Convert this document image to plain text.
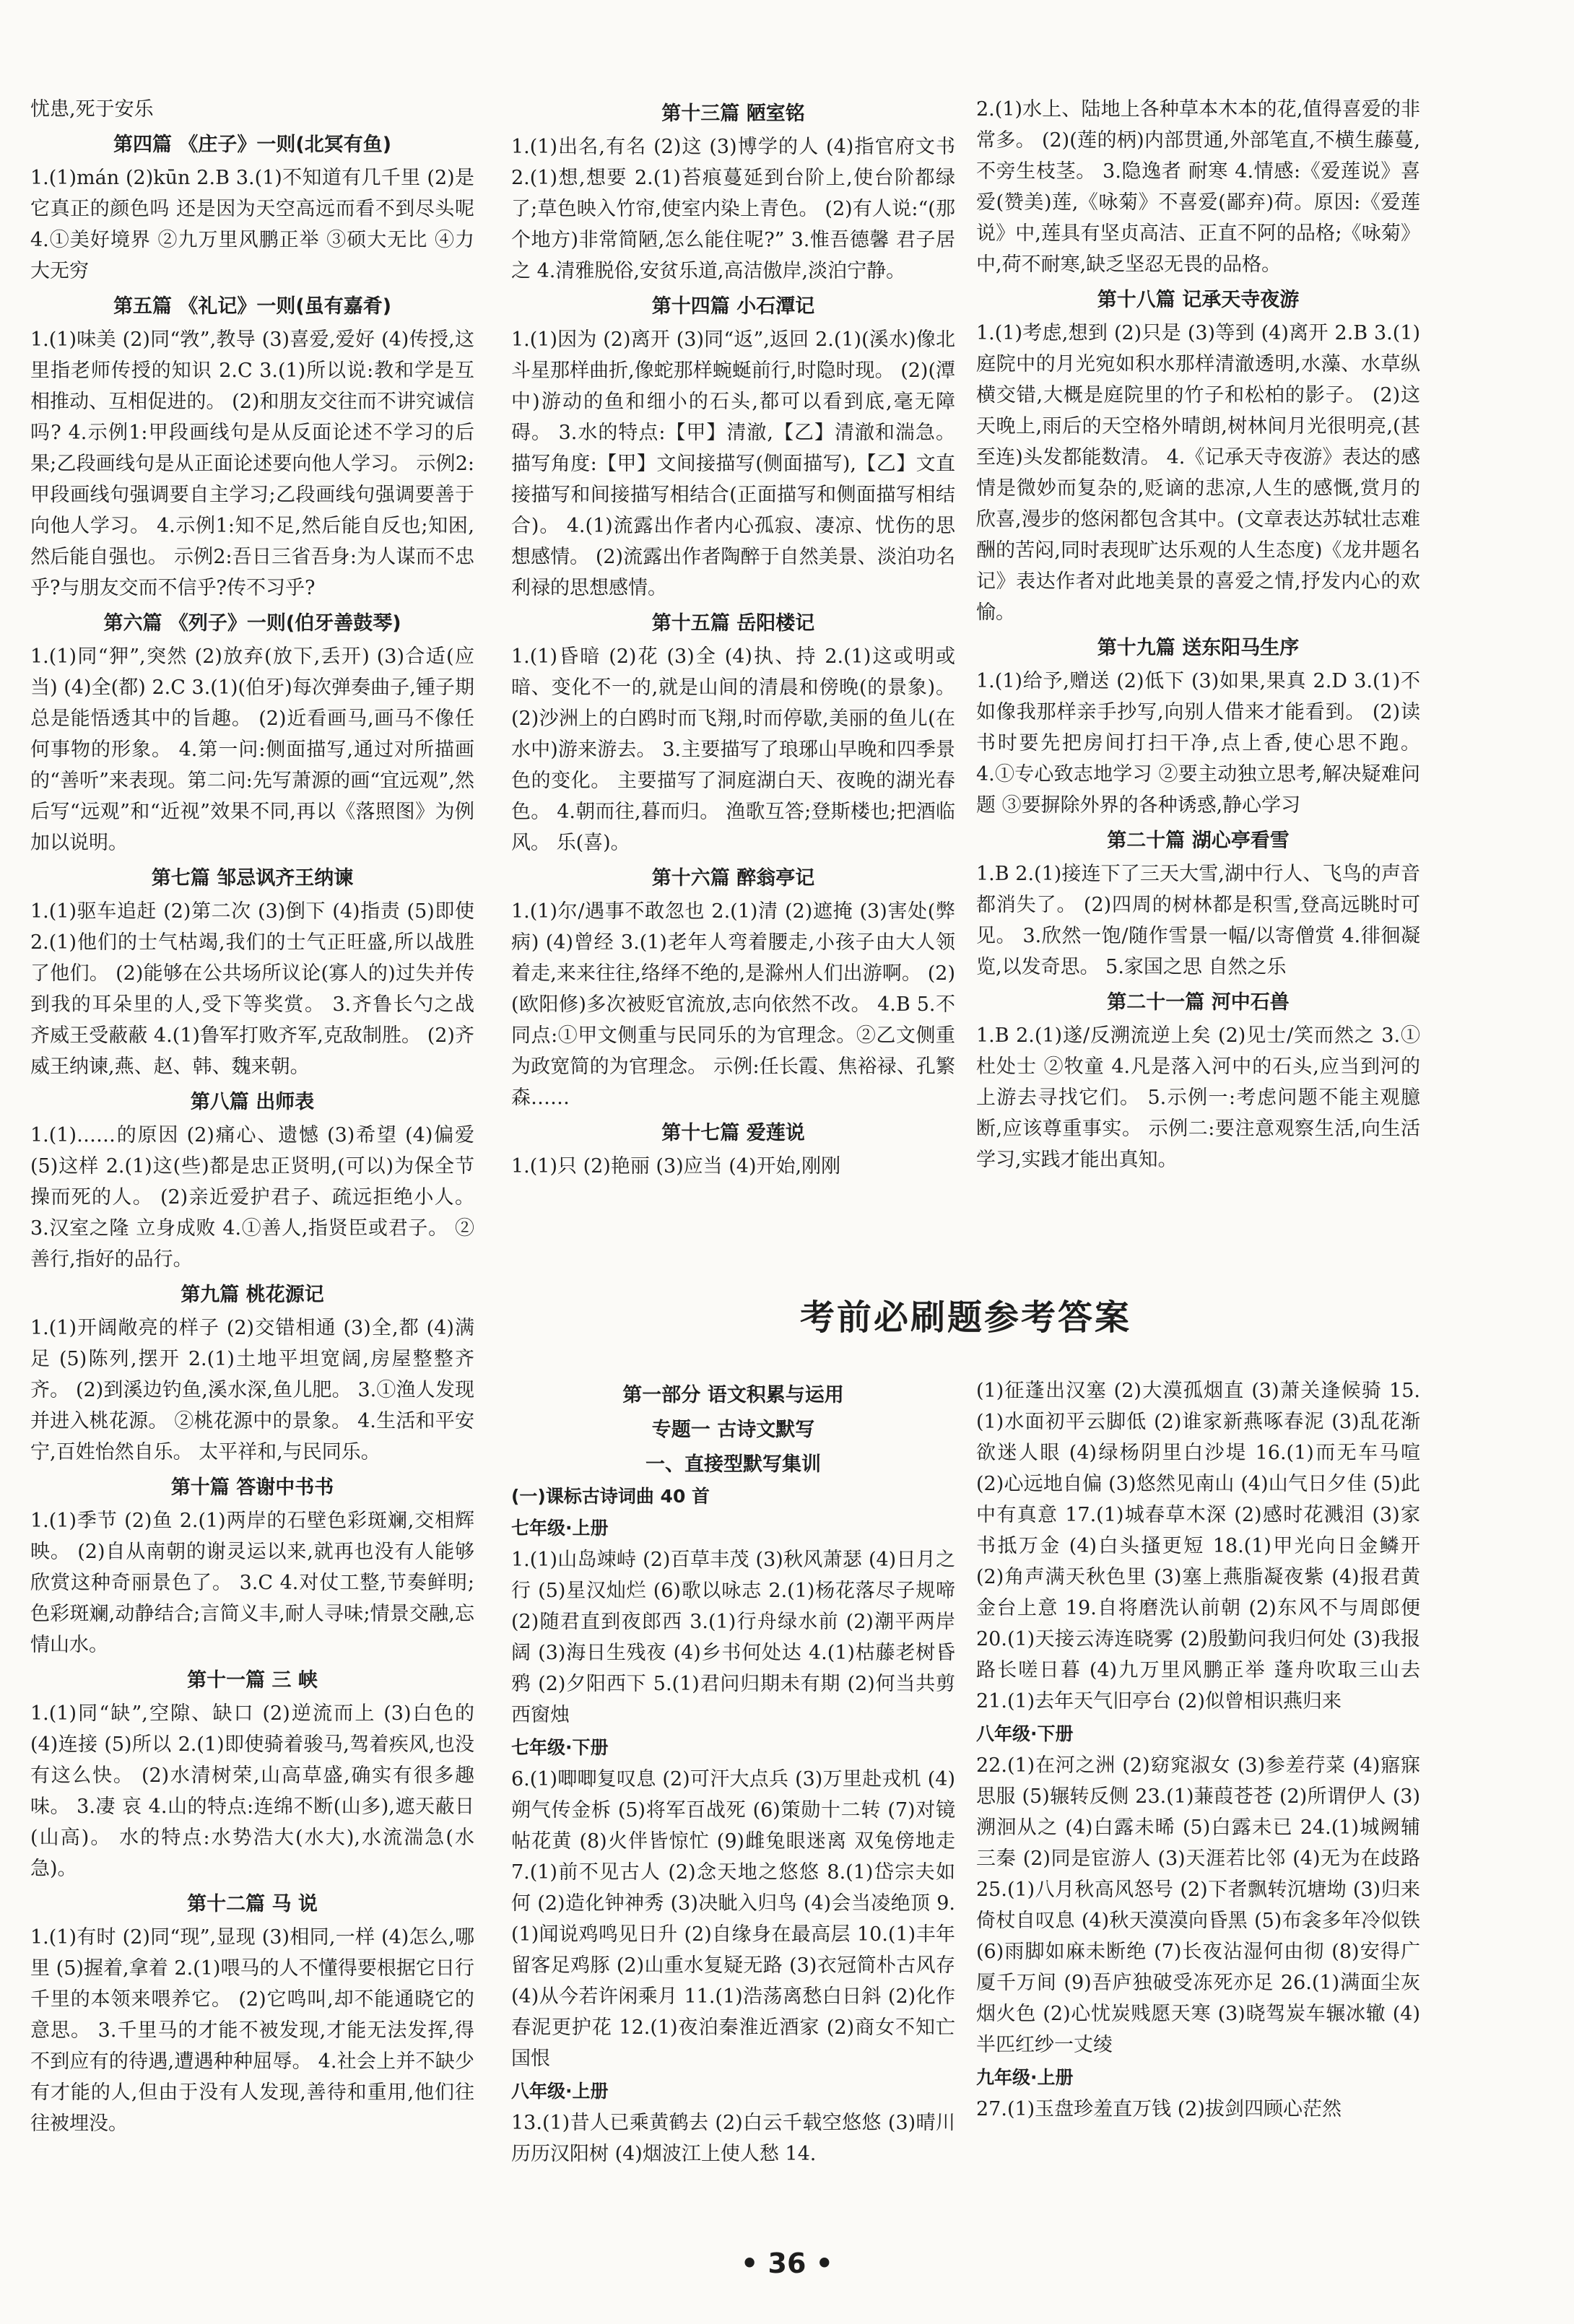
忧患,死于安乐

第四篇 《庄子》一则(北冥有鱼)

1.(1)mán (2)kūn 2.B 3.(1)不知道有几千里 (2)是它真正的颜色吗 还是因为天空高远而看不到尽头呢 4.①美好境界 ②九万里风鹏正举 ③硕大无比 ④力大无穷

第五篇 《礼记》一则(虽有嘉肴)

1.(1)味美 (2)同“敩”,教导 (3)喜爱,爱好 (4)传授,这里指老师传授的知识 2.C 3.(1)所以说:教和学是互相推动、互相促进的。 (2)和朋友交往而不讲究诚信吗? 4.示例1:甲段画线句是从反面论述不学习的后果;乙段画线句是从正面论述要向他人学习。 示例2:甲段画线句强调要自主学习;乙段画线句强调要善于向他人学习。 4.示例1:知不足,然后能自反也;知困,然后能自强也。 示例2:吾日三省吾身:为人谋而不忠乎?与朋友交而不信乎?传不习乎?

第六篇 《列子》一则(伯牙善鼓琴)

1.(1)同“狎”,突然 (2)放弃(放下,丢开) (3)合适(应当) (4)全(都) 2.C 3.(1)(伯牙)每次弹奏曲子,锺子期总是能悟透其中的旨趣。 (2)近看画马,画马不像任何事物的形象。 4.第一问:侧面描写,通过对所描画的“善听”来表现。第二问:先写萧源的画“宜远观”,然后写“远观”和“近视”效果不同,再以《落照图》为例加以说明。

第七篇 邹忌讽齐王纳谏

1.(1)驱车追赶 (2)第二次 (3)倒下 (4)指责 (5)即使 2.(1)他们的士气枯竭,我们的士气正旺盛,所以战胜了他们。 (2)能够在公共场所议论(寡人的)过失并传到我的耳朵里的人,受下等奖赏。 3.齐鲁长勺之战 齐威王受蔽蔽 4.(1)鲁军打败齐军,克敌制胜。 (2)齐威王纳谏,燕、赵、韩、魏来朝。

第八篇 出师表

1.(1)……的原因 (2)痛心、遗憾 (3)希望 (4)偏爱 (5)这样 2.(1)这(些)都是忠正贤明,(可以)为保全节操而死的人。 (2)亲近爱护君子、疏远拒绝小人。 3.汉室之隆 立身成败 4.①善人,指贤臣或君子。 ②善行,指好的品行。

第九篇 桃花源记

1.(1)开阔敞亮的样子 (2)交错相通 (3)全,都 (4)满足 (5)陈列,摆开 2.(1)土地平坦宽阔,房屋整整齐齐。 (2)到溪边钓鱼,溪水深,鱼儿肥。 3.①渔人发现并进入桃花源。 ②桃花源中的景象。 4.生活和平安宁,百姓怡然自乐。 太平祥和,与民同乐。

第十篇 答谢中书书

1.(1)季节 (2)鱼 2.(1)两岸的石壁色彩斑斓,交相辉映。 (2)自从南朝的谢灵运以来,就再也没有人能够欣赏这种奇丽景色了。 3.C 4.对仗工整,节奏鲜明;色彩斑斓,动静结合;言简义丰,耐人寻味;情景交融,忘情山水。

第十一篇 三 峡

1.(1)同“缺”,空隙、缺口 (2)逆流而上 (3)白色的 (4)连接 (5)所以 2.(1)即使骑着骏马,驾着疾风,也没有这么快。 (2)水清树荣,山高草盛,确实有很多趣味。 3.凄 哀 4.山的特点:连绵不断(山多),遮天蔽日(山高)。 水的特点:水势浩大(水大),水流湍急(水急)。

第十二篇 马 说

1.(1)有时 (2)同“现”,显现 (3)相同,一样 (4)怎么,哪里 (5)握着,拿着 2.(1)喂马的人不懂得要根据它日行千里的本领来喂养它。 (2)它鸣叫,却不能通晓它的意思。 3.千里马的才能不被发现,才能无法发挥,得不到应有的待遇,遭遇种种屈辱。 4.社会上并不缺少有才能的人,但由于没有人发现,善待和重用,他们往往被埋没。

第十三篇 陋室铭

1.(1)出名,有名 (2)这 (3)博学的人 (4)指官府文书 2.(1)想,想要 2.(1)苔痕蔓延到台阶上,使台阶都绿了;草色映入竹帘,使室内染上青色。 (2)有人说:“(那个地方)非常简陋,怎么能住呢?” 3.惟吾德馨 君子居之 4.清雅脱俗,安贫乐道,高洁傲岸,淡泊宁静。

第十四篇 小石潭记

1.(1)因为 (2)离开 (3)同“返”,返回 2.(1)(溪水)像北斗星那样曲折,像蛇那样蜿蜒前行,时隐时现。 (2)(潭中)游动的鱼和细小的石头,都可以看到底,毫无障碍。 3.水的特点:【甲】清澈,【乙】清澈和湍急。 描写角度:【甲】文间接描写(侧面描写),【乙】文直接描写和间接描写相结合(正面描写和侧面描写相结合)。 4.(1)流露出作者内心孤寂、凄凉、忧伤的思想感情。 (2)流露出作者陶醉于自然美景、淡泊功名利禄的思想感情。

第十五篇 岳阳楼记

1.(1)昏暗 (2)花 (3)全 (4)执、持 2.(1)这或明或暗、变化不一的,就是山间的清晨和傍晚(的景象)。 (2)沙洲上的白鸥时而飞翔,时而停歇,美丽的鱼儿(在水中)游来游去。 3.主要描写了琅琊山早晚和四季景色的变化。 主要描写了洞庭湖白天、夜晚的湖光春色。 4.朝而往,暮而归。 渔歌互答;登斯楼也;把酒临风。 乐(喜)。

第十六篇 醉翁亭记

1.(1)尔/遇事不敢忽也 2.(1)清 (2)遮掩 (3)害处(弊病) (4)曾经 3.(1)老年人弯着腰走,小孩子由大人领着走,来来往往,络绎不绝的,是滁州人们出游啊。 (2)(欧阳修)多次被贬官流放,志向依然不改。 4.B 5.不同点:①甲文侧重与民同乐的为官理念。②乙文侧重为政宽简的为官理念。 示例:任长霞、焦裕禄、孔繁森……

第十七篇 爱莲说

1.(1)只 (2)艳丽 (3)应当 (4)开始,刚刚

2.(1)水上、陆地上各种草本木本的花,值得喜爱的非常多。 (2)(莲的柄)内部贯通,外部笔直,不横生藤蔓,不旁生枝茎。 3.隐逸者 耐寒 4.情感:《爱莲说》喜爱(赞美)莲,《咏菊》不喜爱(鄙弃)荷。原因:《爱莲说》中,莲具有坚贞高洁、正直不阿的品格;《咏菊》中,荷不耐寒,缺乏坚忍无畏的品格。

第十八篇 记承天寺夜游

1.(1)考虑,想到 (2)只是 (3)等到 (4)离开 2.B 3.(1)庭院中的月光宛如积水那样清澈透明,水藻、水草纵横交错,大概是庭院里的竹子和松柏的影子。 (2)这天晚上,雨后的天空格外晴朗,树林间月光很明亮,(甚至连)头发都能数清。 4.《记承天寺夜游》表达的感情是微妙而复杂的,贬谪的悲凉,人生的感慨,赏月的欣喜,漫步的悠闲都包含其中。(文章表达苏轼壮志难酬的苦闷,同时表现旷达乐观的人生态度)《龙井题名记》表达作者对此地美景的喜爱之情,抒发内心的欢愉。

第十九篇 送东阳马生序

1.(1)给予,赠送 (2)低下 (3)如果,果真 2.D 3.(1)不如像我那样亲手抄写,向别人借来才能看到。 (2)读书时要先把房间打扫干净,点上香,使心思不跑。 4.①专心致志地学习 ②要主动独立思考,解决疑难问题 ③要摒除外界的各种诱惑,静心学习

第二十篇 湖心亭看雪

1.B 2.(1)接连下了三天大雪,湖中行人、飞鸟的声音都消失了。 (2)四周的树林都是积雪,登高远眺时可见。 3.欣然一饱/随作雪景一幅/以寄僧赏 4.徘徊凝览,以发奇思。 5.家国之思 自然之乐

第二十一篇 河中石兽

1.B 2.(1)遂/反溯流逆上矣 (2)见士/笑而然之 3.①杜处士 ②牧童 4.凡是落入河中的石头,应当到河的上游去寻找它们。 5.示例一:考虑问题不能主观臆断,应该尊重事实。 示例二:要注意观察生活,向生活学习,实践才能出真知。

考前必刷题参考答案
第一部分 语文积累与运用
专题一 古诗文默写
一、直接型默写集训
(一)课标古诗词曲 40 首
七年级·上册

1.(1)山岛竦峙 (2)百草丰茂 (3)秋风萧瑟 (4)日月之行 (5)星汉灿烂 (6)歌以咏志 2.(1)杨花落尽子规啼 (2)随君直到夜郎西 3.(1)行舟绿水前 (2)潮平两岸阔 (3)海日生残夜 (4)乡书何处达 4.(1)枯藤老树昏鸦 (2)夕阳西下 5.(1)君问归期未有期 (2)何当共剪西窗烛

七年级·下册

6.(1)唧唧复叹息 (2)可汗大点兵 (3)万里赴戎机 (4)朔气传金柝 (5)将军百战死 (6)策勋十二转 (7)对镜帖花黄 (8)火伴皆惊忙 (9)雌兔眼迷离 双兔傍地走 7.(1)前不见古人 (2)念天地之悠悠 8.(1)岱宗夫如何 (2)造化钟神秀 (3)决眦入归鸟 (4)会当凌绝顶 9.(1)闻说鸡鸣见日升 (2)自缘身在最高层 10.(1)丰年留客足鸡豚 (2)山重水复疑无路 (3)衣冠简朴古风存 (4)从今若许闲乘月 11.(1)浩荡离愁白日斜 (2)化作春泥更护花 12.(1)夜泊秦淮近酒家 (2)商女不知亡国恨

八年级·上册

13.(1)昔人已乘黄鹤去 (2)白云千载空悠悠 (3)晴川历历汉阳树 (4)烟波江上使人愁 14.

(1)征蓬出汉塞 (2)大漠孤烟直 (3)萧关逢候骑 15.(1)水面初平云脚低 (2)谁家新燕啄春泥 (3)乱花渐欲迷人眼 (4)绿杨阴里白沙堤 16.(1)而无车马喧 (2)心远地自偏 (3)悠然见南山 (4)山气日夕佳 (5)此中有真意 17.(1)城春草木深 (2)感时花溅泪 (3)家书抵万金 (4)白头搔更短 18.(1)甲光向日金鳞开 (2)角声满天秋色里 (3)塞上燕脂凝夜紫 (4)报君黄金台上意 19.自将磨洗认前朝 (2)东风不与周郎便 20.(1)天接云涛连晓雾 (2)殷勤问我归何处 (3)我报路长嗟日暮 (4)九万里风鹏正举 蓬舟吹取三山去 21.(1)去年天气旧亭台 (2)似曾相识燕归来

八年级·下册

22.(1)在河之洲 (2)窈窕淑女 (3)参差荇菜 (4)寤寐思服 (5)辗转反侧 23.(1)蒹葭苍苍 (2)所谓伊人 (3)溯洄从之 (4)白露未晞 (5)白露未已 24.(1)城阙辅三秦 (2)同是宦游人 (3)天涯若比邻 (4)无为在歧路 25.(1)八月秋高风怒号 (2)下者飘转沉塘坳 (3)归来倚杖自叹息 (4)秋天漠漠向昏黑 (5)布衾多年冷似铁 (6)雨脚如麻未断绝 (7)长夜沾湿何由彻 (8)安得广厦千万间 (9)吾庐独破受冻死亦足 26.(1)满面尘灰烟火色 (2)心忧炭贱愿天寒 (3)晓驾炭车辗冰辙 (4)半匹红纱一丈绫

九年级·上册

27.(1)玉盘珍羞直万钱 (2)拔剑四顾心茫然

• 36 •
